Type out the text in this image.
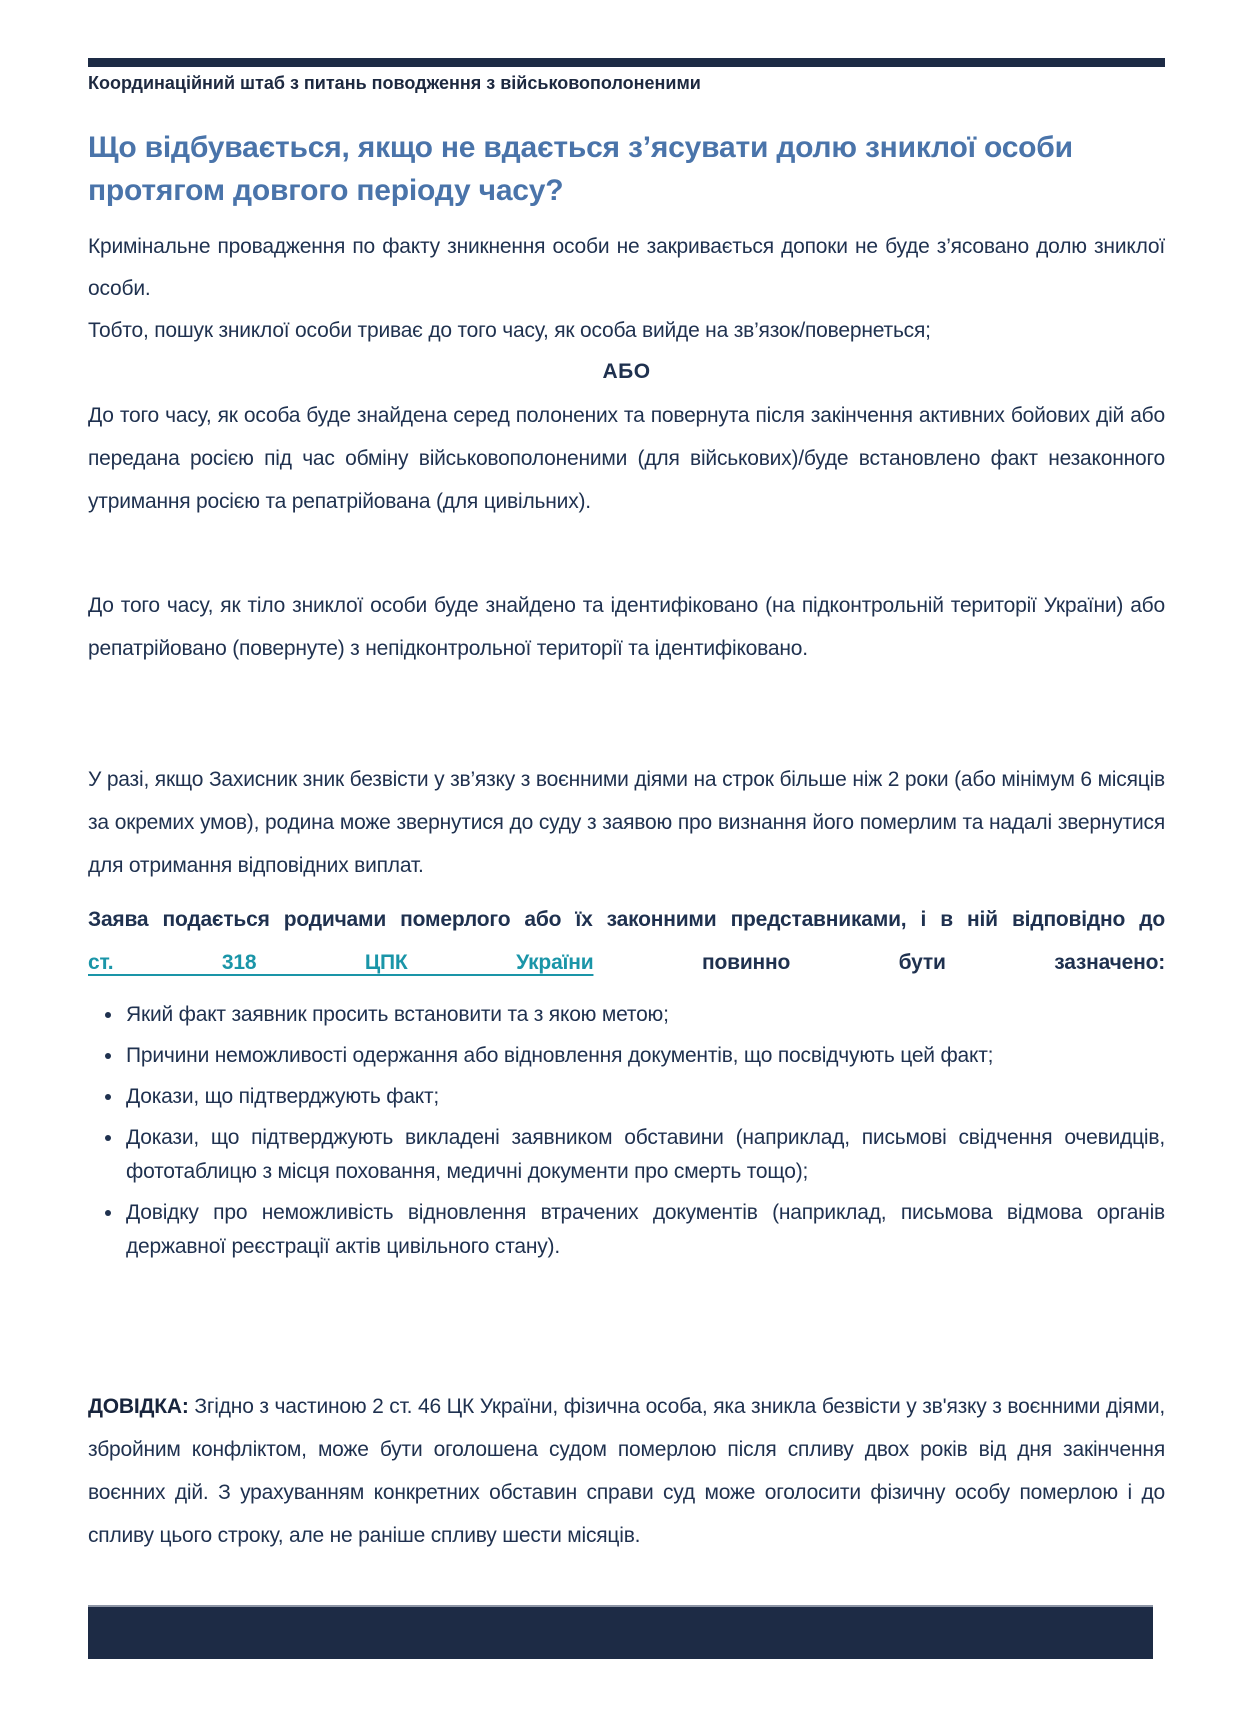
Координаційний штаб з питань поводження з військовополоненими
Що відбувається, якщо не вдається з’ясувати долю зниклої особи протягом довгого періоду часу?

Кримінальне провадження по факту зникнення особи не закривається допоки не буде з’ясовано долю зниклої особи.
Тобто, пошук зниклої особи триває до того часу, як особа вийде на зв’язок/повернеться;

АБО

До того часу, як особа буде знайдена серед полонених та повернута після закінчення активних бойових дій або передана росією під час обміну військовополоненими (для військових)/буде встановлено факт незаконного утримання росією та репатрійована (для цивільних).

До того часу, як тіло зниклої особи буде знайдено та ідентифіковано (на підконтрольній території України) або репатрійовано (повернуте) з непідконтрольної території та ідентифіковано.

У разі, якщо Захисник зник безвісти у зв’язку з воєнними діями на строк більше ніж 2 роки (або мінімум 6 місяців за окремих умов), родина може звернутися до суду з заявою про визнання його померлим та надалі звернутися для отримання відповідних виплат.

Заява подається родичами померлого або їх законними представниками, і в ній відповідно до
ст. 318 ЦПК України	повинно бути зазначено:

• Який факт заявник просить встановити та з якою метою;
• Причини неможливості одержання або відновлення документів, що посвідчують цей факт;
• Докази, що підтверджують факт;
• Докази, що підтверджують викладені заявником обставини (наприклад, письмові свідчення очевидців, фототаблицю з місця поховання, медичні документи про смерть тощо);
• Довідку про неможливість відновлення втрачених документів (наприклад, письмова відмова органів державної реєстрації актів цивільного стану).

ДОВІДКА: Згідно з частиною 2 ст. 46 ЦК України, фізична особа, яка зникла безвісти у зв'язку з воєнними діями, збройним конфліктом, може бути оголошена судом померлою після спливу двох років від дня закінчення воєнних дій. З урахуванням конкретних обставин справи суд може оголосити фізичну особу померлою і до спливу цього строку, але не раніше спливу шести місяців.
